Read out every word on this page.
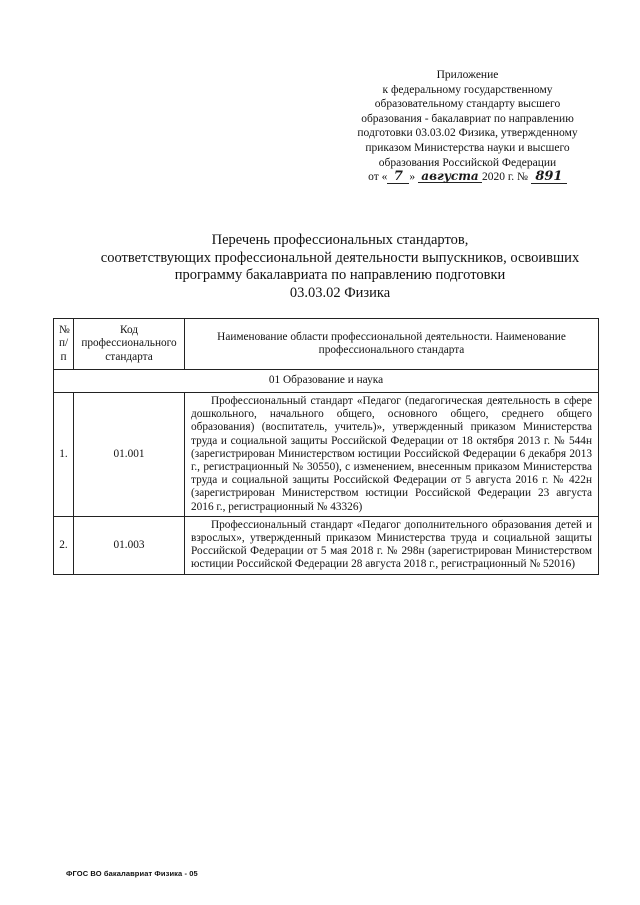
Приложение
к федеральному государственному
образовательному стандарту высшего
образования - бакалавриат по направлению
подготовки 03.03.02 Физика, утвержденному
приказом Министерства науки и высшего
образования Российской Федерации
от « 7 » августа 2020 г. № 891
Перечень профессиональных стандартов,
соответствующих профессиональной деятельности выпускников, освоивших
программу бакалавриата по направлению подготовки
03.03.02 Физика
№ п/п	Код профессионального стандарта	Наименование области профессиональной деятельности. Наименование профессионального стандарта
01 Образование и наука		
1.	01.001	Профессиональный стандарт «Педагог (педагогическая деятельность в сфере дошкольного, начального общего, основного общего, среднего общего образования) (воспитатель, учитель)», утвержденный приказом Министерства труда и социальной защиты Российской Федерации от 18 октября 2013 г. № 544н (зарегистрирован Министерством юстиции Российской Федерации 6 декабря 2013 г., регистрационный № 30550), с изменением, внесенным приказом Министерства труда и социальной защиты Российской Федерации от 5 августа 2016 г. № 422н (зарегистрирован Министерством юстиции Российской Федерации 23 августа 2016 г., регистрационный № 43326)
2.	01.003	Профессиональный стандарт «Педагог дополнительного образования детей и взрослых», утвержденный приказом Министерства труда и социальной защиты Российской Федерации от 5 мая 2018 г. № 298н (зарегистрирован Министерством юстиции Российской Федерации 28 августа 2018 г., регистрационный № 52016)
ФГОС ВО бакалавриат Физика - 05
